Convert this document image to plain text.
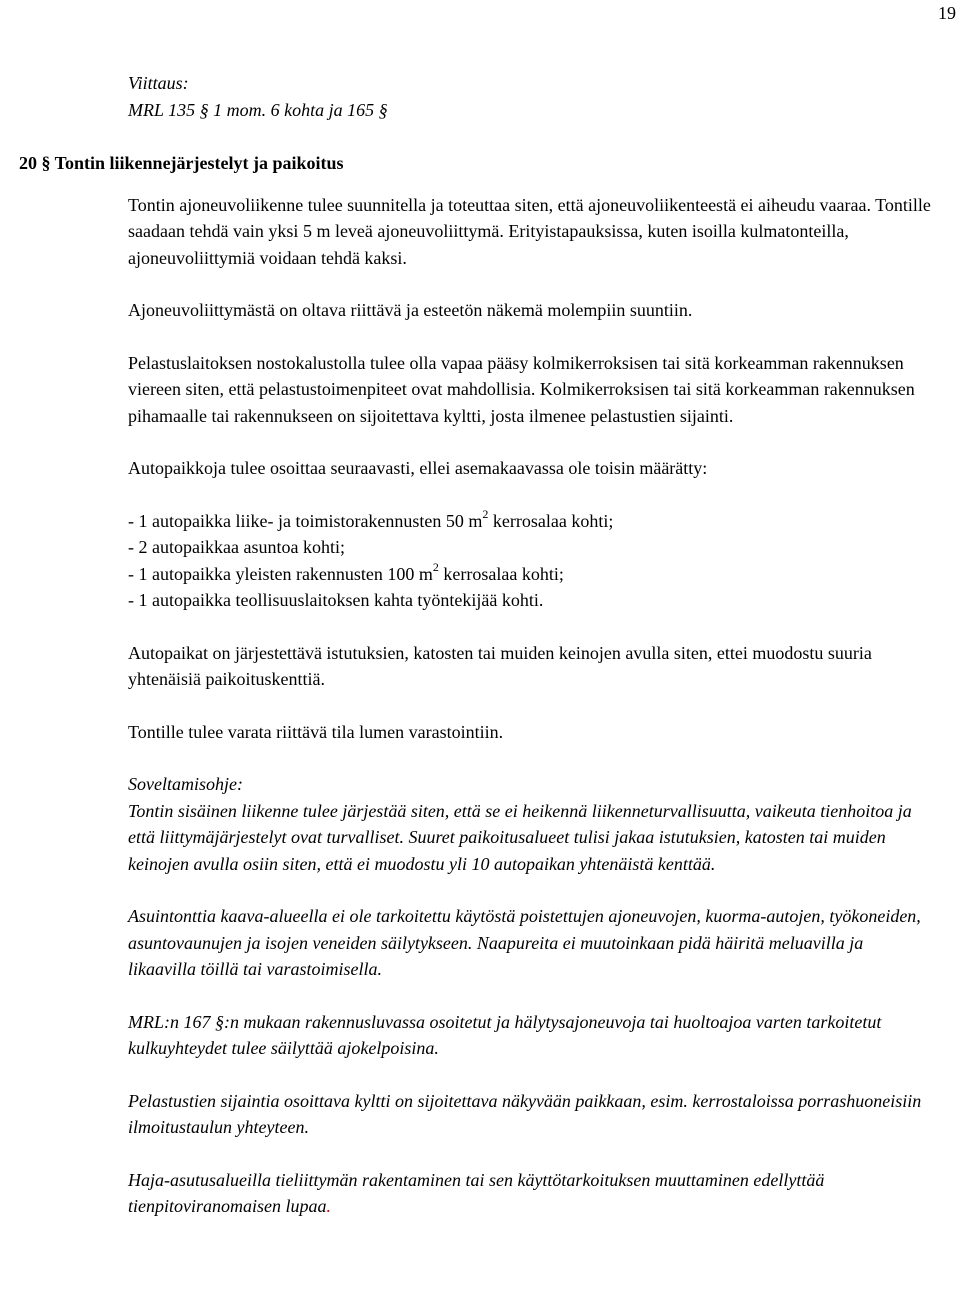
19

Viittaus:

MRL 135 § 1 mom. 6 kohta ja 165 §

20 § Tontin liikennejärjestelyt ja paikoitus

Tontin ajoneuvoliikenne tulee suunnitella ja toteuttaa siten, että ajoneuvoliikenteestä ei aiheudu vaaraa. Tontille saadaan tehdä vain yksi 5 m leveä ajoneuvoliittymä. Erityistapauksissa, kuten isoilla kulmatonteilla, ajoneuvoliittymiä voidaan tehdä kaksi.

Ajoneuvoliittymästä on oltava riittävä ja esteetön näkemä molempiin suuntiin.

Pelastuslaitoksen nostokalustolla tulee olla vapaa pääsy kolmikerroksisen tai sitä korkeamman rakennuksen viereen siten, että pelastustoimenpiteet ovat mahdollisia. Kolmikerroksisen tai sitä korkeamman rakennuksen pihamaalle tai rakennukseen on sijoitettava kyltti, josta ilmenee pelastustien sijainti.

Autopaikkoja tulee osoittaa seuraavasti, ellei asemakaavassa ole toisin määrätty:

- 1 autopaikka liike- ja toimistorakennusten 50 $m^2$ kerrosalaa kohti;

- 2 autopaikkaa asuntoa kohti;

- 1 autopaikka yleisten rakennusten 100 $m^2$ kerrosalaa kohti;

- 1 autopaikka teollisuuslaitoksen kahta työntekijää kohti.

Autopaikat on järjestettävä istutuksien, katosten tai muiden keinojen avulla siten, ettei muodostu suuria yhtenäisiä paikoituskenttiä.

Tontille tulee varata riittävä tila lumen varastointiin.

Soveltamisohje:

Tontin sisäinen liikenne tulee järjestää siten, että se ei heikennä liikenneturvallisuutta, vaikeuta tienhoitoa ja että liittymäjärjestelyt ovat turvalliset. Suuret paikoitusalueet tulisi jakaa istutuksien, katosten tai muiden keinojen avulla osiin siten, että ei muodostu yli 10 autopaikan yhtenäistä kenttää.

Asuintonttia kaava-alueella ei ole tarkoitettu käytöstä poistettujen ajoneuvojen, kuorma-autojen, työkoneiden, asuntovaunujen ja isojen veneiden säilytykseen. Naapureita ei muutoinkaan pidä häiritä meluavilla ja likaavilla töillä tai varastoimisella.

MRL:n 167 §:n mukaan rakennusluvassa osoitetut ja hälytysajoneuvoja tai huoltoajoa varten tarkoitetut kulkuyhteydet tulee säilyttää ajokelpoisina.

Pelastustien sijaintia osoittava kyltti on sijoitettava näkyvään paikkaan, esim. kerrostaloissa porrashuoneisiin ilmoitustaulun yhteyteen.

Haja-asutusalueilla tieliittymän rakentaminen tai sen käyttötarkoituksen muuttaminen edellyttää tienpitoviranomaisen lupaa.
